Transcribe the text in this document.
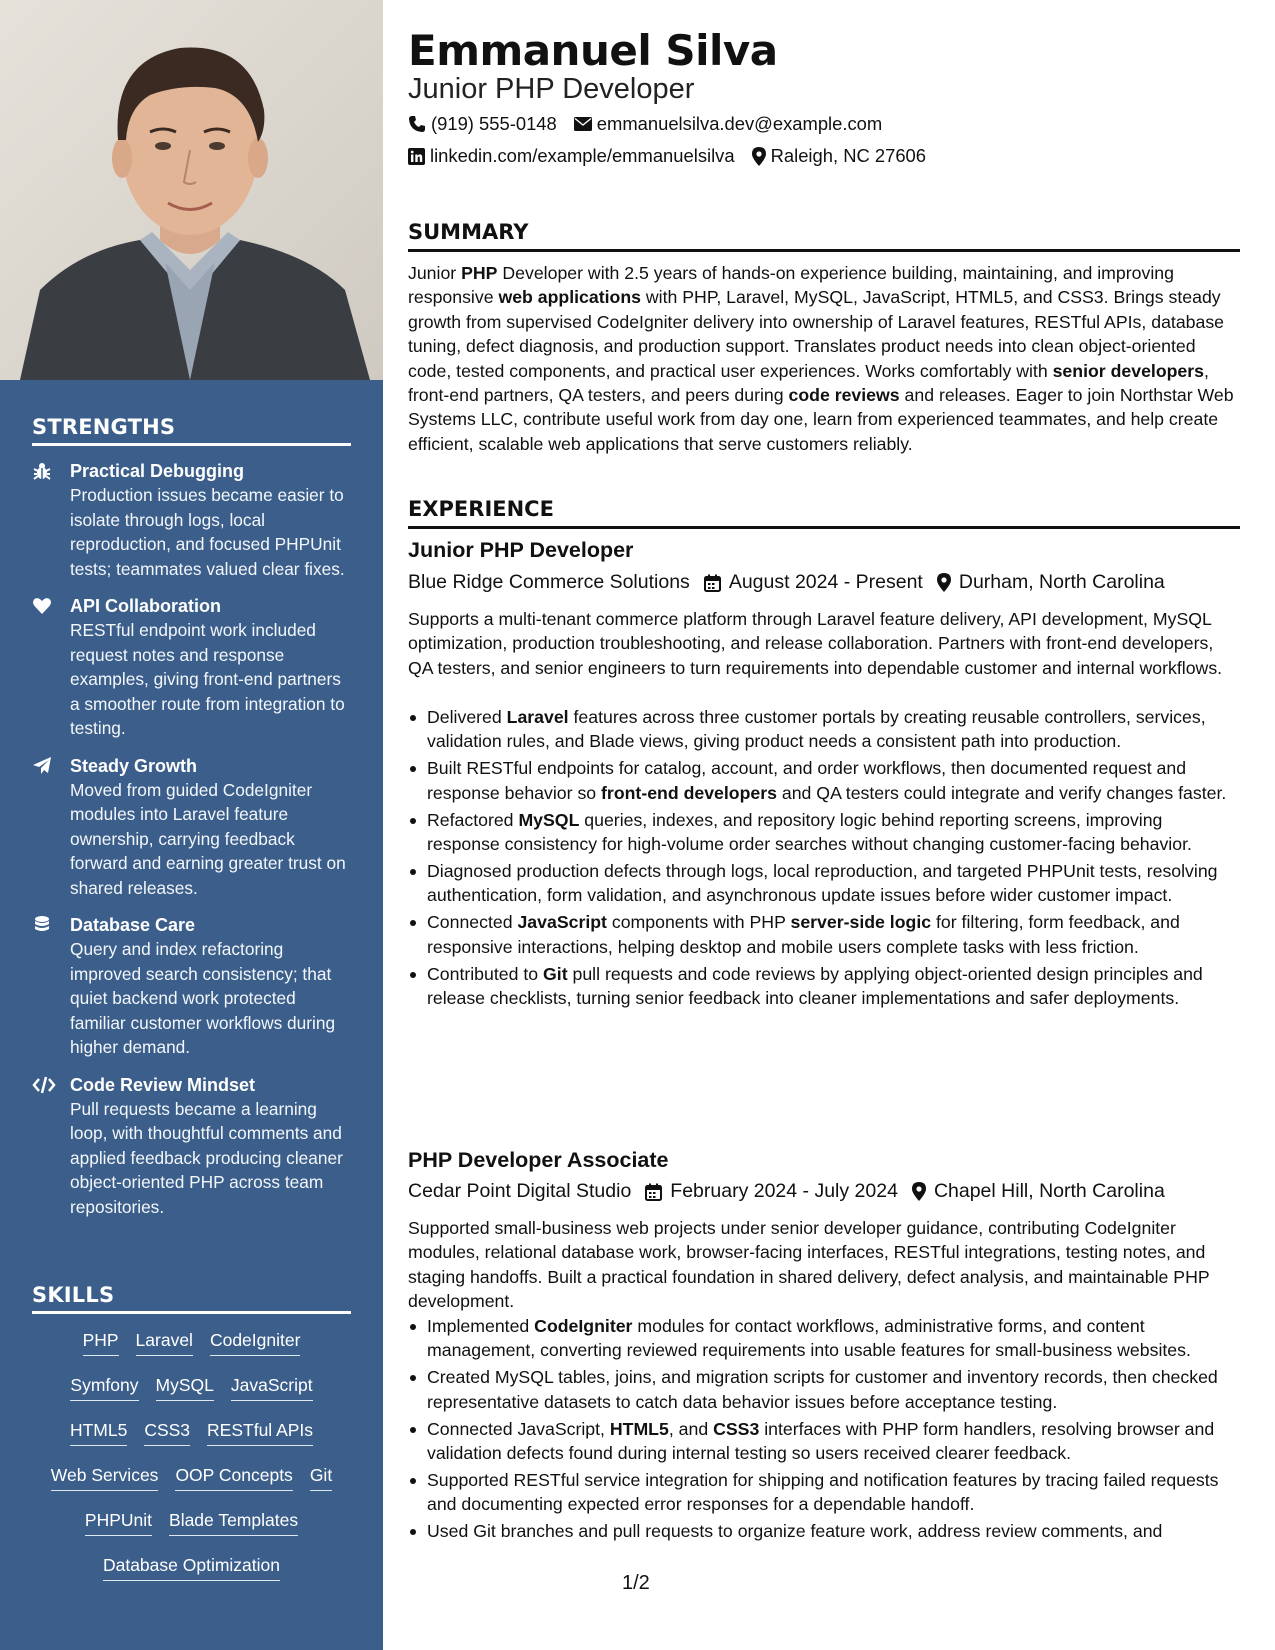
STRENGTHS
Practical Debugging
Production issues became easier to isolate through logs, local reproduction, and focused PHPUnit tests; teammates valued clear fixes.
API Collaboration
RESTful endpoint work included request notes and response examples, giving front-end partners a smoother route from integration to testing.
Steady Growth
Moved from guided CodeIgniter modules into Laravel feature ownership, carrying feedback forward and earning greater trust on shared releases.
Database Care
Query and index refactoring improved search consistency; that quiet backend work protected familiar customer workflows during higher demand.
Code Review Mindset
Pull requests became a learning loop, with thoughtful comments and applied feedback producing cleaner object-oriented PHP across team repositories.
SKILLS
PHP Laravel CodeIgniter
Symfony MySQL JavaScript
HTML5 CSS3 RESTful APIs
Web Services OOP Concepts Git
PHPUnit Blade Templates
Database Optimization
Emmanuel Silva
Junior PHP Developer
(919) 555-0148 emmanuelsilva.dev@example.com
linkedin.com/example/emmanuelsilva Raleigh, NC 27606
SUMMARY
Junior PHP Developer with 2.5 years of hands-on experience building, maintaining, and improving responsive web applications with PHP, Laravel, MySQL, JavaScript, HTML5, and CSS3. Brings steady growth from supervised CodeIgniter delivery into ownership of Laravel features, RESTful APIs, database tuning, defect diagnosis, and production support. Translates product needs into clean object-oriented code, tested components, and practical user experiences. Works comfortably with senior developers, front-end partners, QA testers, and peers during code reviews and releases. Eager to join Northstar Web Systems LLC, contribute useful work from day one, learn from experienced teammates, and help create efficient, scalable web applications that serve customers reliably.
EXPERIENCE
Junior PHP Developer
Blue Ridge Commerce Solutions August 2024 - Present Durham, North Carolina
Supports a multi-tenant commerce platform through Laravel feature delivery, API development, MySQL optimization, production troubleshooting, and release collaboration. Partners with front-end developers, QA testers, and senior engineers to turn requirements into dependable customer and internal workflows.
Delivered Laravel features across three customer portals by creating reusable controllers, services, validation rules, and Blade views, giving product needs a consistent path into production.
Built RESTful endpoints for catalog, account, and order workflows, then documented request and response behavior so front-end developers and QA testers could integrate and verify changes faster.
Refactored MySQL queries, indexes, and repository logic behind reporting screens, improving response consistency for high-volume order searches without changing customer-facing behavior.
Diagnosed production defects through logs, local reproduction, and targeted PHPUnit tests, resolving authentication, form validation, and asynchronous update issues before wider customer impact.
Connected JavaScript components with PHP server-side logic for filtering, form feedback, and responsive interactions, helping desktop and mobile users complete tasks with less friction.
Contributed to Git pull requests and code reviews by applying object-oriented design principles and release checklists, turning senior feedback into cleaner implementations and safer deployments.
PHP Developer Associate
Cedar Point Digital Studio February 2024 - July 2024 Chapel Hill, North Carolina
Supported small-business web projects under senior developer guidance, contributing CodeIgniter modules, relational database work, browser-facing interfaces, RESTful integrations, testing notes, and staging handoffs. Built a practical foundation in shared delivery, defect analysis, and maintainable PHP development.
Implemented CodeIgniter modules for contact workflows, administrative forms, and content management, converting reviewed requirements into usable features for small-business websites.
Created MySQL tables, joins, and migration scripts for customer and inventory records, then checked representative datasets to catch data behavior issues before acceptance testing.
Connected JavaScript, HTML5, and CSS3 interfaces with PHP form handlers, resolving browser and validation defects found during internal testing so users received clearer feedback.
Supported RESTful service integration for shipping and notification features by tracing failed requests and documenting expected error responses for a dependable handoff.
Used Git branches and pull requests to organize feature work, address review comments, and
1/2
